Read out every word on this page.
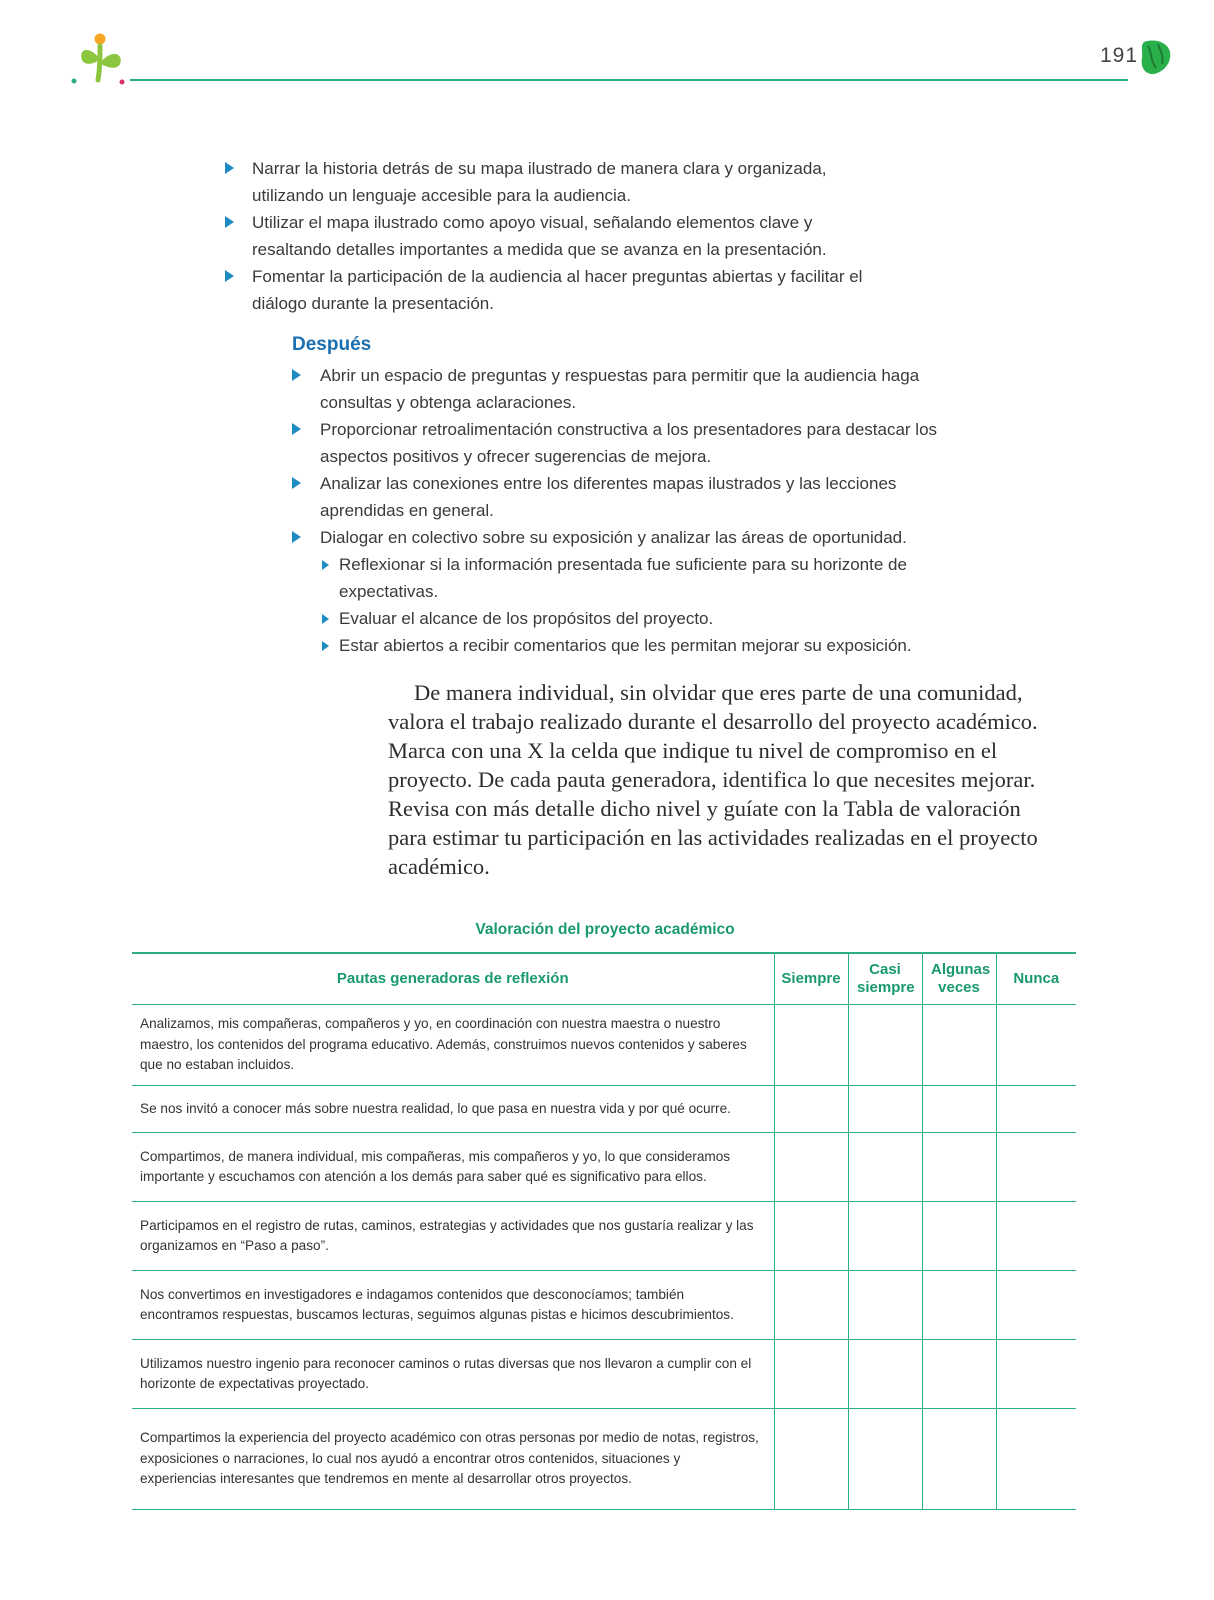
191
Narrar la historia detrás de su mapa ilustrado de manera clara y organizada, utilizando un lenguaje accesible para la audiencia.
Utilizar el mapa ilustrado como apoyo visual, señalando elementos clave y resaltando detalles importantes a medida que se avanza en la presentación.
Fomentar la participación de la audiencia al hacer preguntas abiertas y facilitar el diálogo durante la presentación.
Después
Abrir un espacio de preguntas y respuestas para permitir que la audiencia haga consultas y obtenga aclaraciones.
Proporcionar retroalimentación constructiva a los presentadores para destacar los aspectos positivos y ofrecer sugerencias de mejora.
Analizar las conexiones entre los diferentes mapas ilustrados y las lecciones aprendidas en general.
Dialogar en colectivo sobre su exposición y analizar las áreas de oportunidad.
Reflexionar si la información presentada fue suficiente para su horizonte de expectativas.
Evaluar el alcance de los propósitos del proyecto.
Estar abiertos a recibir comentarios que les permitan mejorar su exposición.
De manera individual, sin olvidar que eres parte de una comunidad, valora el trabajo realizado durante el desarrollo del proyecto académico. Marca con una X la celda que indique tu nivel de compromiso en el proyecto. De cada pauta generadora, identifica lo que necesites mejorar. Revisa con más detalle dicho nivel y guíate con la Tabla de valoración para estimar tu participación en las actividades realizadas en el proyecto académico.
Valoración del proyecto académico
Pautas generadoras de reflexión	Siempre	Casi siempre	Algunas veces	Nunca
Analizamos, mis compañeras, compañeros y yo, en coordinación con nuestra maestra o nuestro maestro, los contenidos del programa educativo. Además, construimos nuevos contenidos y saberes que no estaban incluidos.				
Se nos invitó a conocer más sobre nuestra realidad, lo que pasa en nuestra vida y por qué ocurre.				
Compartimos, de manera individual, mis compañeras, mis compañeros y yo, lo que consideramos importante y escuchamos con atención a los demás para saber qué es significativo para ellos.				
Participamos en el registro de rutas, caminos, estrategias y actividades que nos gustaría realizar y las organizamos en “Paso a paso”.				
Nos convertimos en investigadores e indagamos contenidos que desconocíamos; también encontramos respuestas, buscamos lecturas, seguimos algunas pistas e hicimos descubrimientos.				
Utilizamos nuestro ingenio para reconocer caminos o rutas diversas que nos llevaron a cumplir con el horizonte de expectativas proyectado.				
Compartimos la experiencia del proyecto académico con otras personas por medio de notas, registros, exposiciones o narraciones, lo cual nos ayudó a encontrar otros contenidos, situaciones y experiencias interesantes que tendremos en mente al desarrollar otros proyectos.				
